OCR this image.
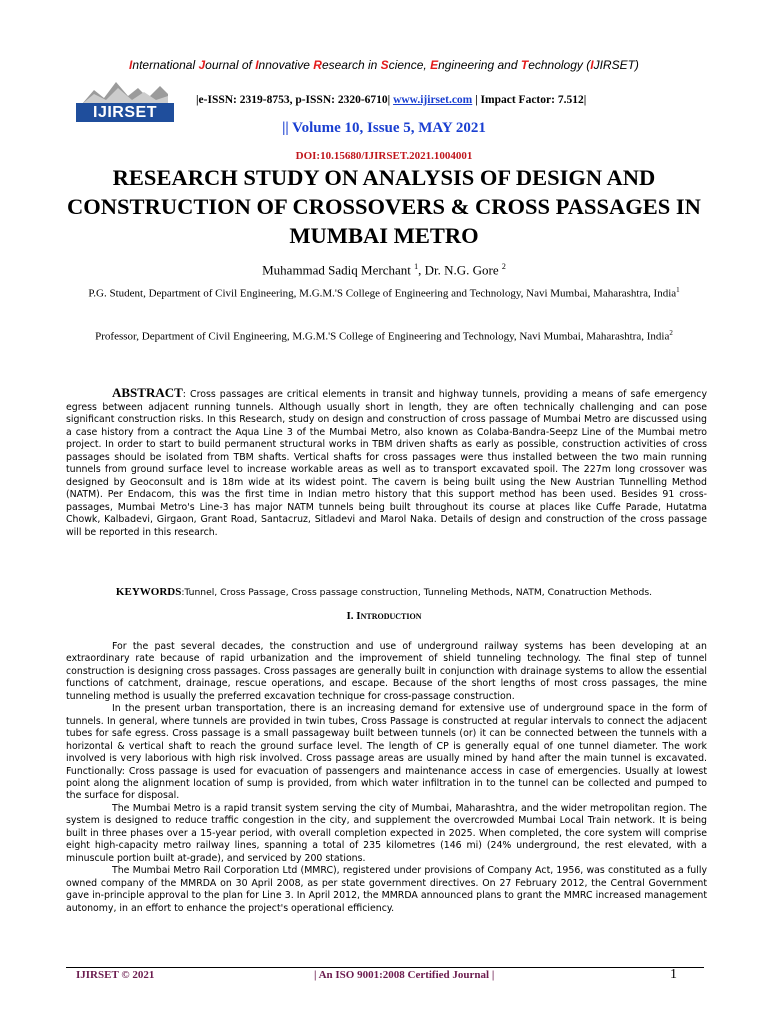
International Journal of Innovative Research in Science, Engineering and Technology (IJIRSET)
IJIRSET
|e-ISSN: 2319-8753, p-ISSN: 2320-6710| www.ijirset.com | Impact Factor: 7.512|
|| Volume 10, Issue 5, MAY 2021
DOI:10.15680/IJIRSET.2021.1004001
RESEARCH STUDY ON ANALYSIS OF DESIGN AND CONSTRUCTION OF CROSSOVERS & CROSS PASSAGES IN MUMBAI METRO
Muhammad Sadiq Merchant $^1$, Dr. N.G. Gore $^2$
P.G. Student, Department of Civil Engineering, M.G.M.'S College of Engineering and Technology, Navi Mumbai, Maharashtra, India$^1$
Professor, Department of Civil Engineering, M.G.M.'S College of Engineering and Technology, Navi Mumbai, Maharashtra, India$^2$
ABSTRACT: Cross passages are critical elements in transit and highway tunnels, providing a means of safe emergency egress between adjacent running tunnels. Although usually short in length, they are often technically challenging and can pose significant construction risks. In this Research, study on design and construction of cross passage of Mumbai Metro are discussed using a case history from a contract the Aqua Line 3 of the Mumbai Metro, also known as Colaba-Bandra-Seepz Line of the Mumbai metro project. In order to start to build permanent structural works in TBM driven shafts as early as possible, construction activities of cross passages should be isolated from TBM shafts. Vertical shafts for cross passages were thus installed between the two main running tunnels from ground surface level to increase workable areas as well as to transport excavated spoil. The 227m long crossover was designed by Geoconsult and is 18m wide at its widest point. The cavern is being built using the New Austrian Tunnelling Method (NATM). Per Endacom, this was the first time in Indian metro history that this support method has been used. Besides 91 cross-passages, Mumbai Metro's Line-3 has major NATM tunnels being built throughout its course at places like Cuffe Parade, Hutatma Chowk, Kalbadevi, Girgaon, Grant Road, Santacruz, Sitladevi and Marol Naka. Details of design and construction of the cross passage will be reported in this research.
KEYWORDS:Tunnel, Cross Passage, Cross passage construction, Tunneling Methods, NATM, Conatruction Methods.
I. Introduction

For the past several decades, the construction and use of underground railway systems has been developing at an extraordinary rate because of rapid urbanization and the improvement of shield tunneling technology. The final step of tunnel construction is designing cross passages. Cross passages are generally built in conjunction with drainage systems to allow the essential functions of catchment, drainage, rescue operations, and escape. Because of the short lengths of most cross passages, the mine tunneling method is usually the preferred excavation technique for cross-passage construction.

In the present urban transportation, there is an increasing demand for extensive use of underground space in the form of tunnels. In general, where tunnels are provided in twin tubes, Cross Passage is constructed at regular intervals to connect the adjacent tubes for safe egress. Cross passage is a small passageway built between tunnels (or) it can be connected between the tunnels with a horizontal & vertical shaft to reach the ground surface level. The length of CP is generally equal of one tunnel diameter. The work involved is very laborious with high risk involved. Cross passage areas are usually mined by hand after the main tunnel is excavated. Functionally: Cross passage is used for evacuation of passengers and maintenance access in case of emergencies. Usually at lowest point along the alignment location of sump is provided, from which water infiltration in to the tunnel can be collected and pumped to the surface for disposal.

The Mumbai Metro is a rapid transit system serving the city of Mumbai, Maharashtra, and the wider metropolitan region. The system is designed to reduce traffic congestion in the city, and supplement the overcrowded Mumbai Local Train network. It is being built in three phases over a 15-year period, with overall completion expected in 2025. When completed, the core system will comprise eight high-capacity metro railway lines, spanning a total of 235 kilometres (146 mi) (24% underground, the rest elevated, with a minuscule portion built at-grade), and serviced by 200 stations.

The Mumbai Metro Rail Corporation Ltd (MMRC), registered under provisions of Company Act, 1956, was constituted as a fully owned company of the MMRDA on 30 April 2008, as per state government directives. On 27 February 2012, the Central Government gave in-principle approval to the plan for Line 3. In April 2012, the MMRDA announced plans to grant the MMRC increased management autonomy, in an effort to enhance the project's operational efficiency.

IJIRSET © 2021	| An ISO 9001:2008 Certified Journal |	1
